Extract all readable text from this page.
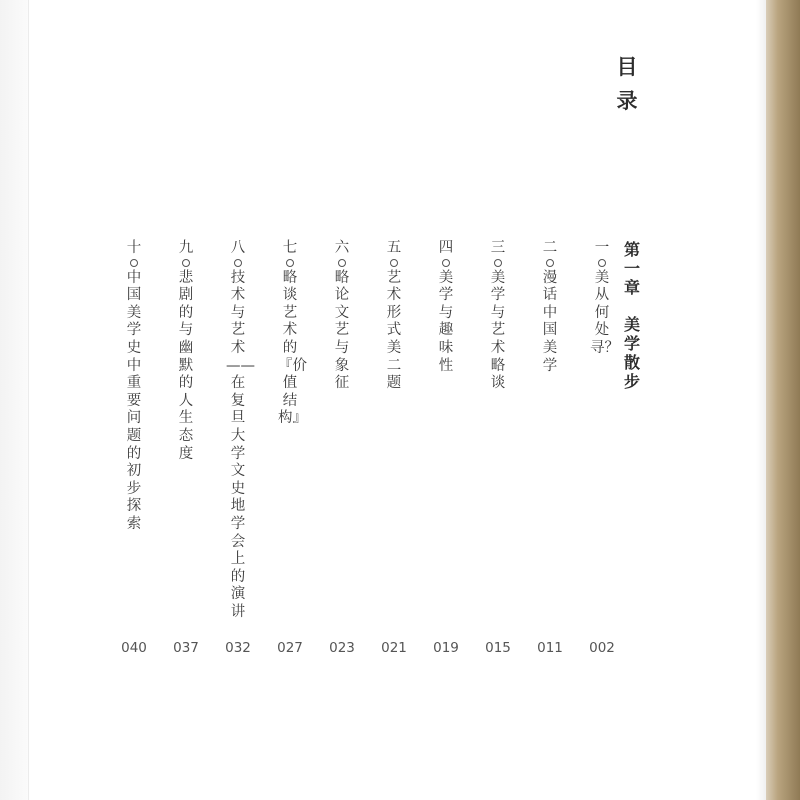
目
录
第
一
章
美
学
散
步
一
美从何处寻？
二
漫话中国美学
三
美学与艺术略谈
四
美学与趣味性
五
艺术形式美二题
六
略论文艺与象征
七
略谈艺术的『价值结构』
八
技术与艺术——在复旦大学文史地学会上的演讲
九
悲剧的与幽默的人生态度
十
中国美学史中重要问题的初步探索
002
011
015
019
021
023
027
032
037
040
